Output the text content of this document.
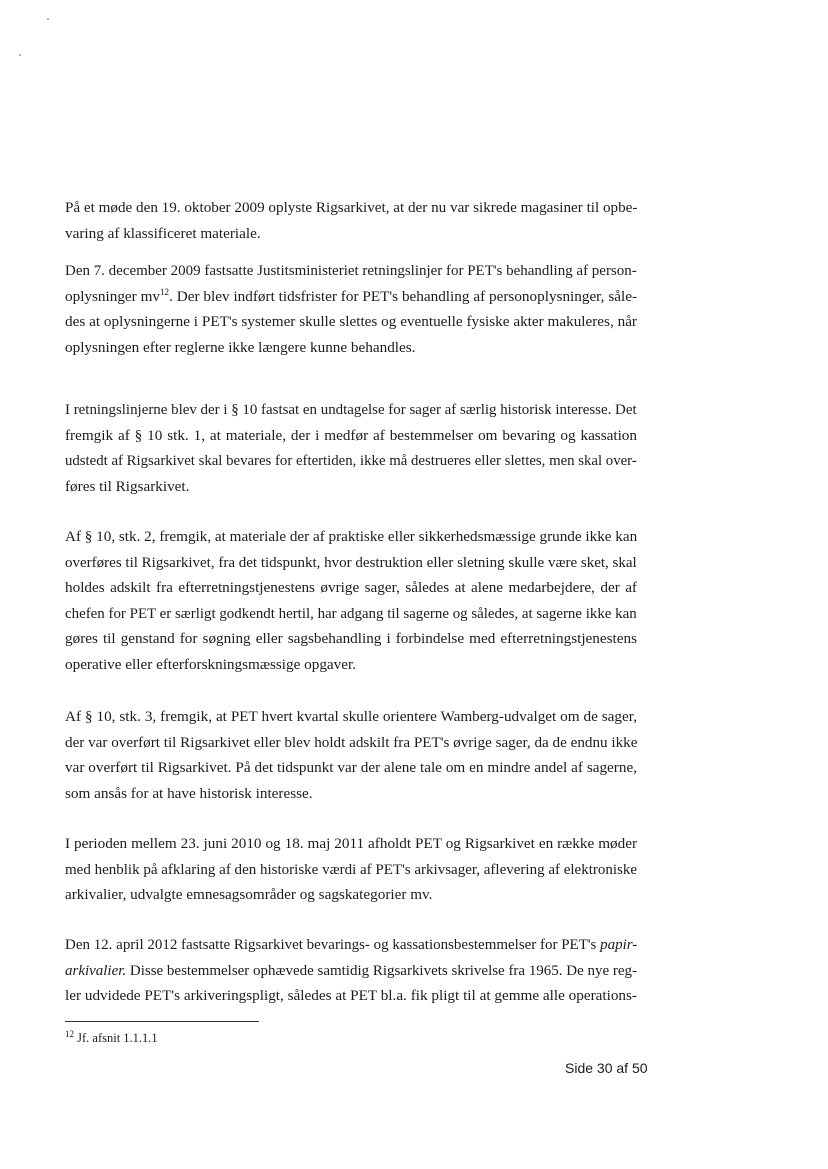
På et møde den 19. oktober 2009 oplyste Rigsarkivet, at der nu var sikrede magasiner til opbe-
varing af klassificeret materiale.

Den 7. december 2009 fastsatte Justitsministeriet retningslinjer for PET's behandling af person-
oplysninger $mv^{12}$. Der blev indført tidsfrister for PET's behandling af personoplysninger, såle-
des at oplysningerne i PET's systemer skulle slettes og eventuelle fysiske akter makuleres, når
oplysningen efter reglerne ikke længere kunne behandles.

I retningslinjerne blev der i § 10 fastsat en undtagelse for sager af særlig historisk interesse. Det
fremgik af § 10 stk. 1, at materiale, der i medfør af bestemmelser om bevaring og kassation
udstedt af Rigsarkivet skal bevares for eftertiden, ikke må destrueres eller slettes, men skal over-
føres til Rigsarkivet.

Af § 10, stk. 2, fremgik, at materiale der af praktiske eller sikkerhedsmæssige grunde ikke kan
overføres til Rigsarkivet, fra det tidspunkt, hvor destruktion eller sletning skulle være sket, skal
holdes adskilt fra efterretningstjenestens øvrige sager, således at alene medarbejdere, der af
chefen for PET er særligt godkendt hertil, har adgang til sagerne og således, at sagerne ikke kan
gøres til genstand for søgning eller sagsbehandling i forbindelse med efterretningstjenestens
operative eller efterforskningsmæssige opgaver.

Af § 10, stk. 3, fremgik, at PET hvert kvartal skulle orientere Wamberg-udvalget om de sager,
der var overført til Rigsarkivet eller blev holdt adskilt fra PET's øvrige sager, da de endnu ikke
var overført til Rigsarkivet. På det tidspunkt var der alene tale om en mindre andel af sagerne,
som ansås for at have historisk interesse.

I perioden mellem 23. juni 2010 og 18. maj 2011 afholdt PET og Rigsarkivet en række møder
med henblik på afklaring af den historiske værdi af PET's arkivsager, aflevering af elektroniske
arkivalier, udvalgte emnesagsområder og sagskategorier mv.

Den 12. april 2012 fastsatte Rigsarkivet bevarings- og kassationsbestemmelser for PET's papir-
arkivalier. Disse bestemmelser ophævede samtidig Rigsarkivets skrivelse fra 1965. De nye reg-
ler udvidede PET's arkiveringspligt, således at PET bl.a. fik pligt til at gemme alle operations-

$^{12}$ Jf. afsnit 1.1.1.1
Side 30 af 50
